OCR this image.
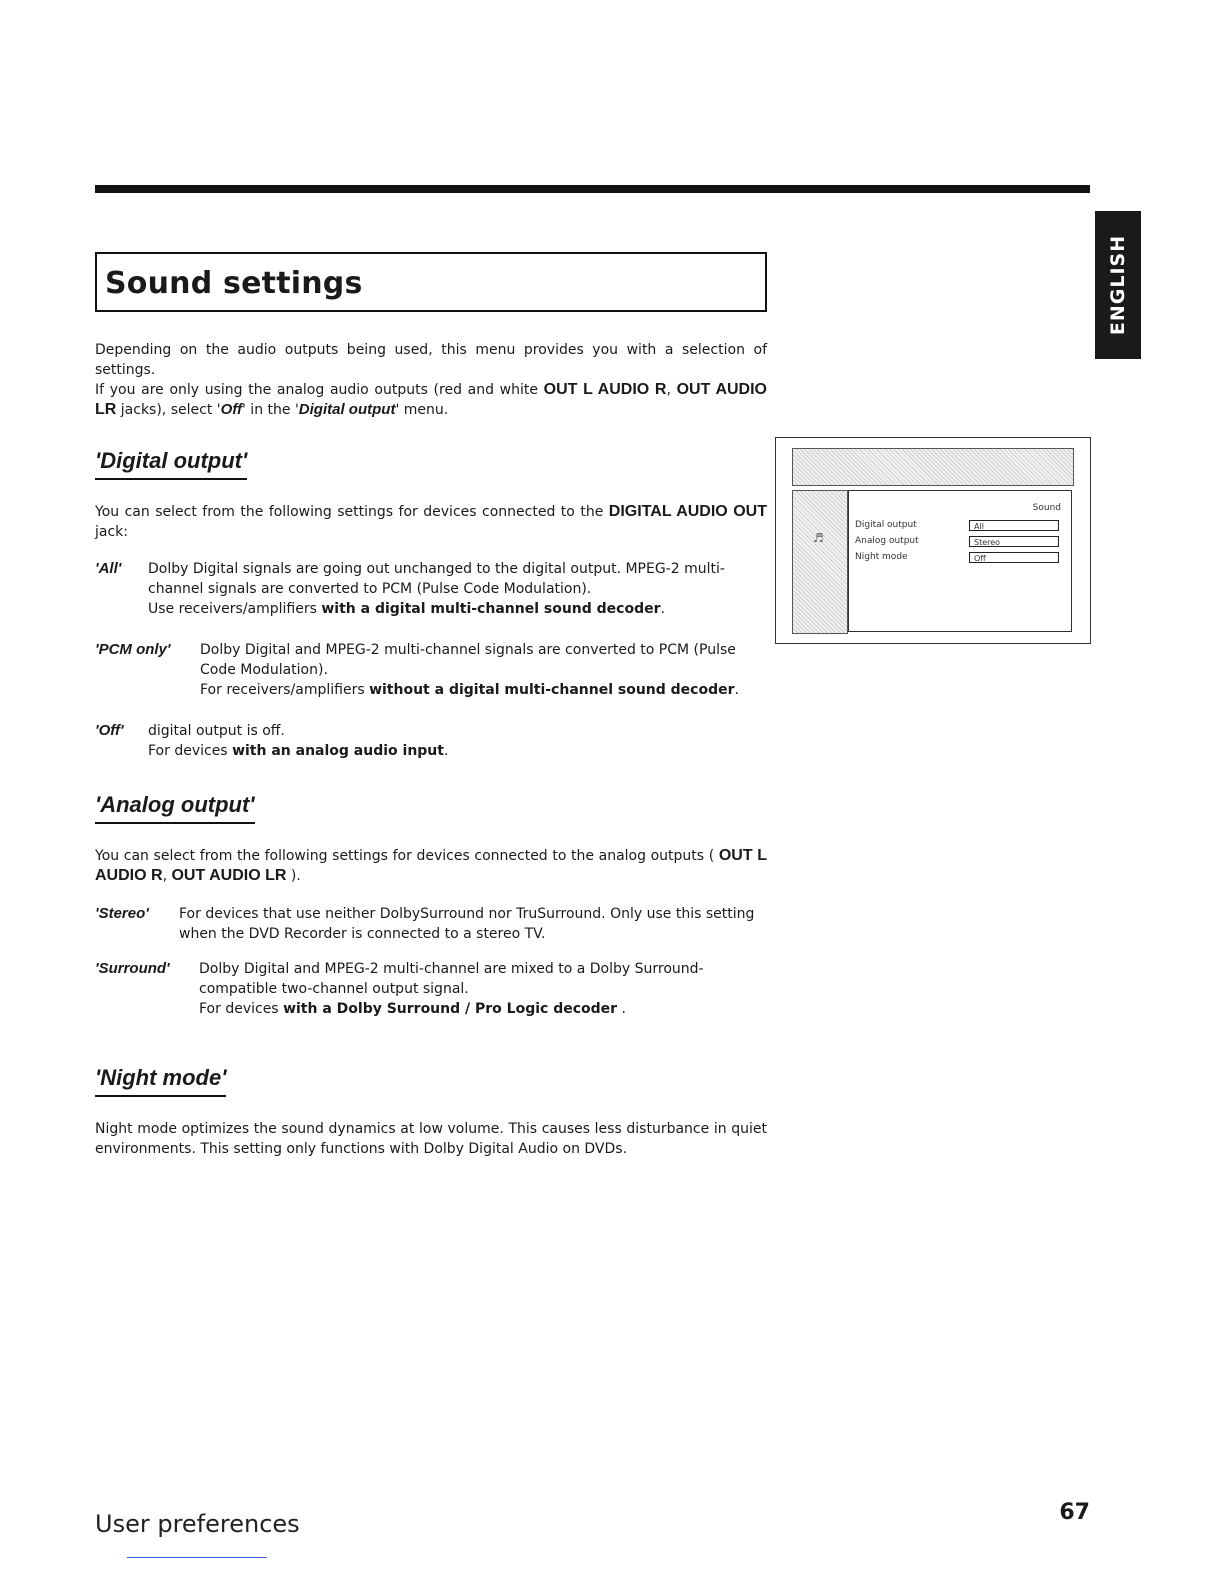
ENGLISH
Sound settings
Depending on the audio outputs being used, this menu provides you with a selection of settings.
If you are only using the analog audio outputs (red and white OUT L AUDIO R, OUT AUDIO LR jacks), select 'Off' in the 'Digital output' menu.
'Digital output'
You can select from the following settings for devices connected to the DIGITAL AUDIO OUT jack:
'All' Dolby Digital signals are going out unchanged to the digital output. MPEG-2 multi-channel signals are converted to PCM (Pulse Code Modulation).
Use receivers/amplifiers with a digital multi-channel sound decoder.
'PCM only' Dolby Digital and MPEG-2 multi-channel signals are converted to PCM (Pulse Code Modulation).
For receivers/amplifiers without a digital multi-channel sound decoder.
'Off' digital output is off.
For devices with an analog audio input.
'Analog output'
You can select from the following settings for devices connected to the analog outputs ( OUT L AUDIO R, OUT AUDIO LR ).
'Stereo' For devices that use neither DolbySurround nor TruSurround. Only use this setting when the DVD Recorder is connected to a stereo TV.
'Surround' Dolby Digital and MPEG-2 multi-channel are mixed to a Dolby Surround-compatible two-channel output signal.
For devices with a Dolby Surround / Pro Logic decoder .
'Night mode'
Night mode optimizes the sound dynamics at low volume. This causes less disturbance in quiet environments. This setting only functions with Dolby Digital Audio on DVDs.
♬
Sound
Digital output	All
Analog output	Stereo
Night mode	Off
User preferences	67
